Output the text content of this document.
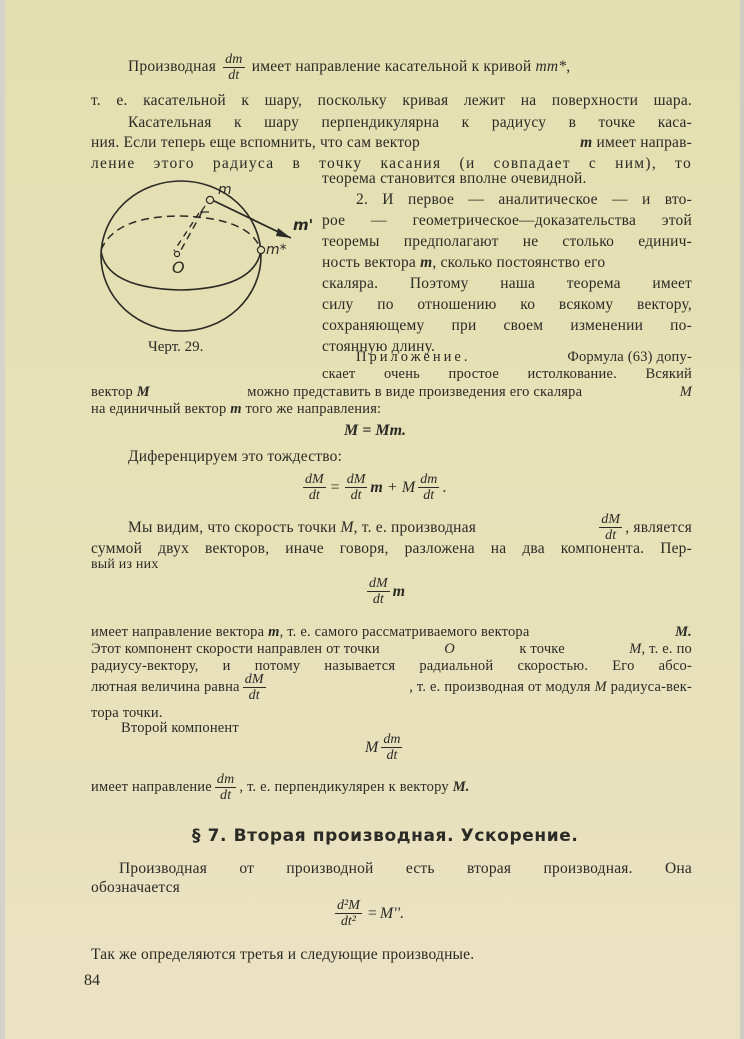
Производная $\frac{dm}{dt}$ имеет направление касательной к кривой mm*,
т. е. касательной к шару, поскольку кривая лежит на поверхности шара.
Касательная к шару перпендикулярна к радиусу в точке каса-
ния. Если теперь еще вспомнить, что сам вектор	m имеет направ-
ление этого радиуса в точку касания (и совпадает с ним), то
теорема становится вполне очевидной.
m
m'
m*
O
Черт. 29.
2. И первое — аналитическое — и вто-
рое — геометрическое—доказательства этой
теоремы предполагают не столько единич-
ность вектора m, сколько постоянство его
скаляра. Поэтому наша теорема имеет
силу по отношению ко всякому вектору,
сохраняющему при своем изменении по-
стоянную длину.
Приложение.	Формула (63) допу-
скает очень простое истолкование. Всякий
вектор M	можно представить в виде произведения его скаляра	M
на единичный вектор m того же направления:
M = Mm.
Диференцируем это тождество:
$\frac{dM}{dt} = \frac{dM}{dt}$ m + M $\frac{dm}{dt}$ .
Мы видим, что скорость точки M, т. е. производная	$\frac{dM}{dt}$ , является
суммой двух векторов, иначе говоря, разложена на два компонента. Пер-
вый из них
$\frac{dM}{dt}$ m
имеет направление вектора m, т. е. самого рассматриваемого вектора	M.
Этот компонент скорости направлен от точки	O	к точке	M, т. е. по
радиусу-вектору, и потому называется радиальной скоростью. Его абсо-
лютная величина равна $\frac{dM}{dt}$	, т. е. производная от модуля M радиуса-век-
тора точки.
Второй компонент
M $\frac{dm}{dt}$
имеет направление $\frac{dm}{dt}$ , т. е. перпендикулярен к вектору
M.
§ 7. Вторая производная. Ускорение.
Производная от производной есть вторая производная. Она
обозначается
$\frac{\text{d²M}}{\text{dt²}} = M''$.
Так же определяются третья и следующие производные.
84
